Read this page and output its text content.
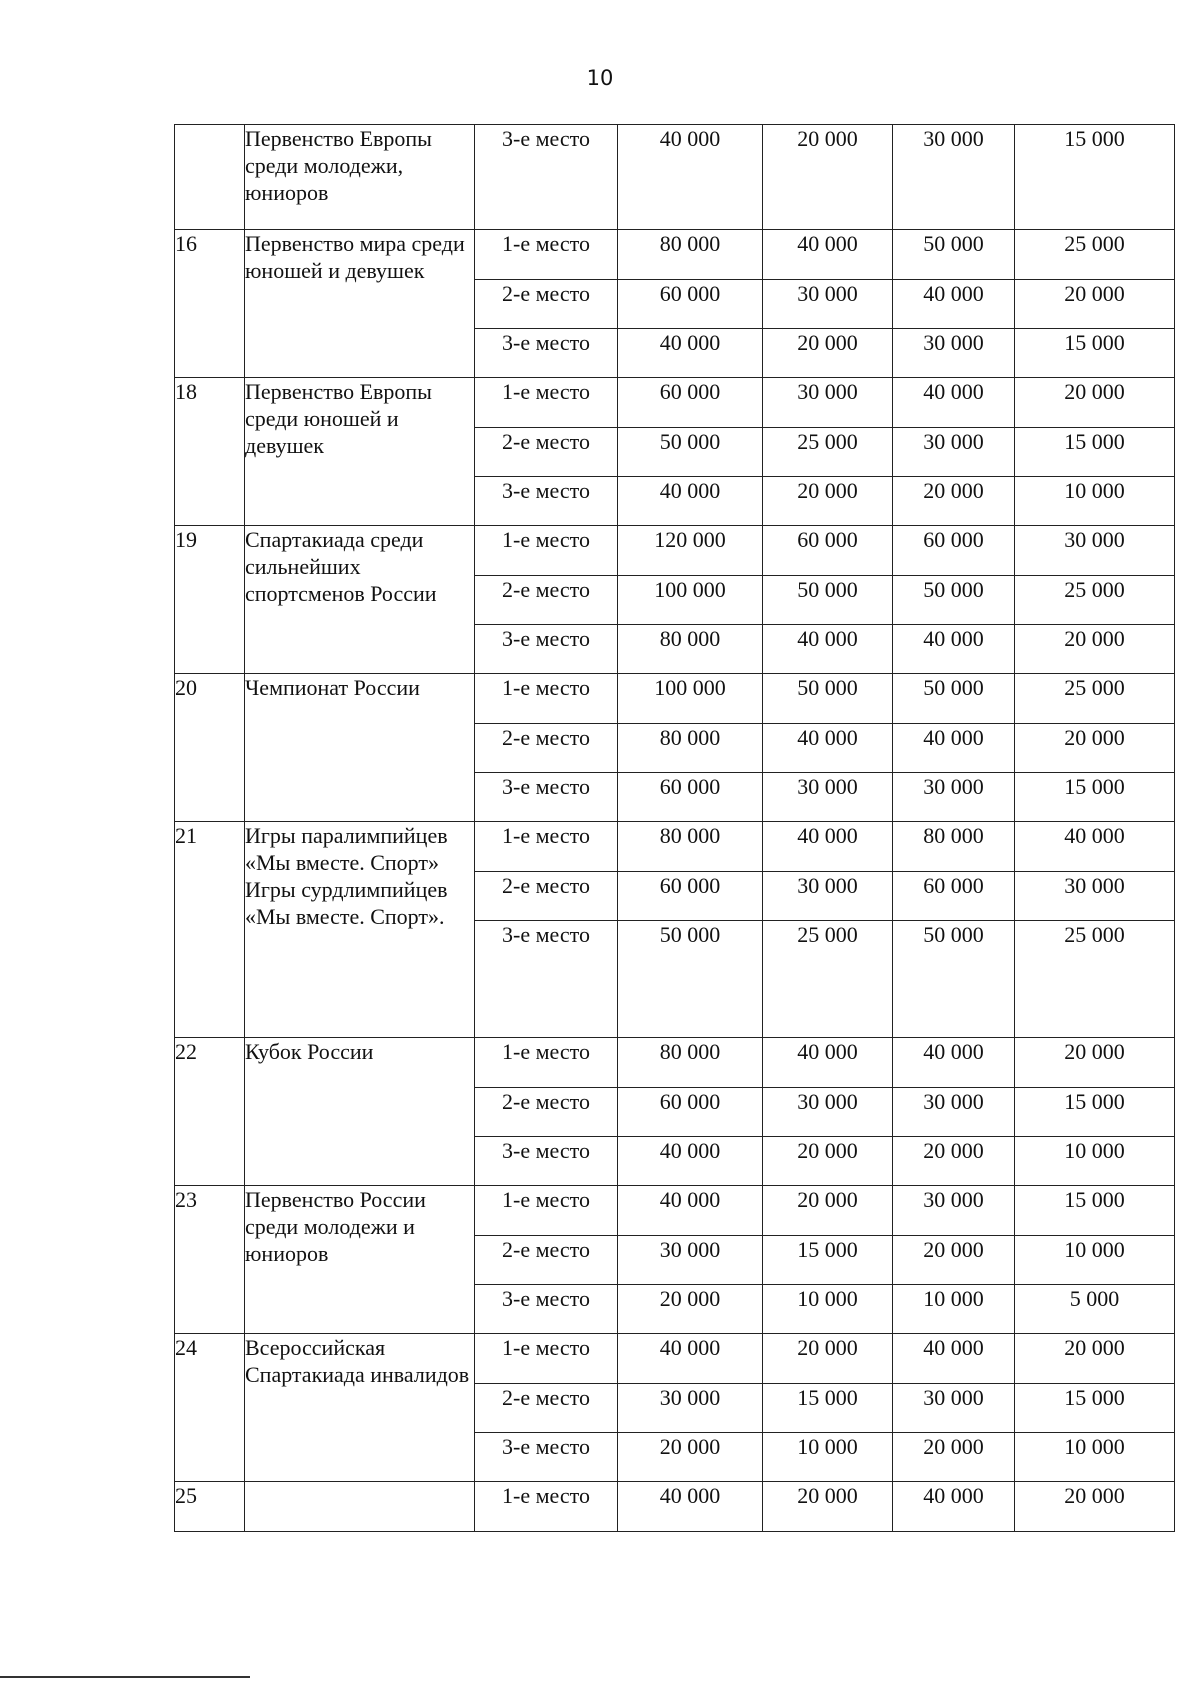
10
	Первенство Европы среди молодежи, юниоров	3-е место	40 000	20 000	30 000	15 000
16	Первенство мира среди юношей и девушек	1-е место	80 000	40 000	50 000	25 000
		2-е место	60 000	30 000	40 000	20 000
		3-е место	40 000	20 000	30 000	15 000
18	Первенство Европы среди юношей и девушек	1-е место	60 000	30 000	40 000	20 000
		2-е место	50 000	25 000	30 000	15 000
		3-е место	40 000	20 000	20 000	10 000
19	Спартакиада среди сильнейших спортсменов России	1-е место	120 000	60 000	60 000	30 000
		2-е место	100 000	50 000	50 000	25 000
		3-е место	80 000	40 000	40 000	20 000
20	Чемпионат России	1-е место	100 000	50 000	50 000	25 000
		2-е место	80 000	40 000	40 000	20 000
		3-е место	60 000	30 000	30 000	15 000
21	Игры паралимпийцев «Мы вместе. Спорт» Игры сурдлимпийцев «Мы вместе. Спорт».	1-е место	80 000	40 000	80 000	40 000
		2-е место	60 000	30 000	60 000	30 000
		3-е место	50 000	25 000	50 000	25 000
22	Кубок России	1-е место	80 000	40 000	40 000	20 000
		2-е место	60 000	30 000	30 000	15 000
		3-е место	40 000	20 000	20 000	10 000
23	Первенство России среди молодежи и юниоров	1-е место	40 000	20 000	30 000	15 000
		2-е место	30 000	15 000	20 000	10 000
		3-е место	20 000	10 000	10 000	5 000
24	Всероссийская Спартакиада инвалидов	1-е место	40 000	20 000	40 000	20 000
		2-е место	30 000	15 000	30 000	15 000
		3-е место	20 000	10 000	20 000	10 000
25		1-е место	40 000	20 000	40 000	20 000
